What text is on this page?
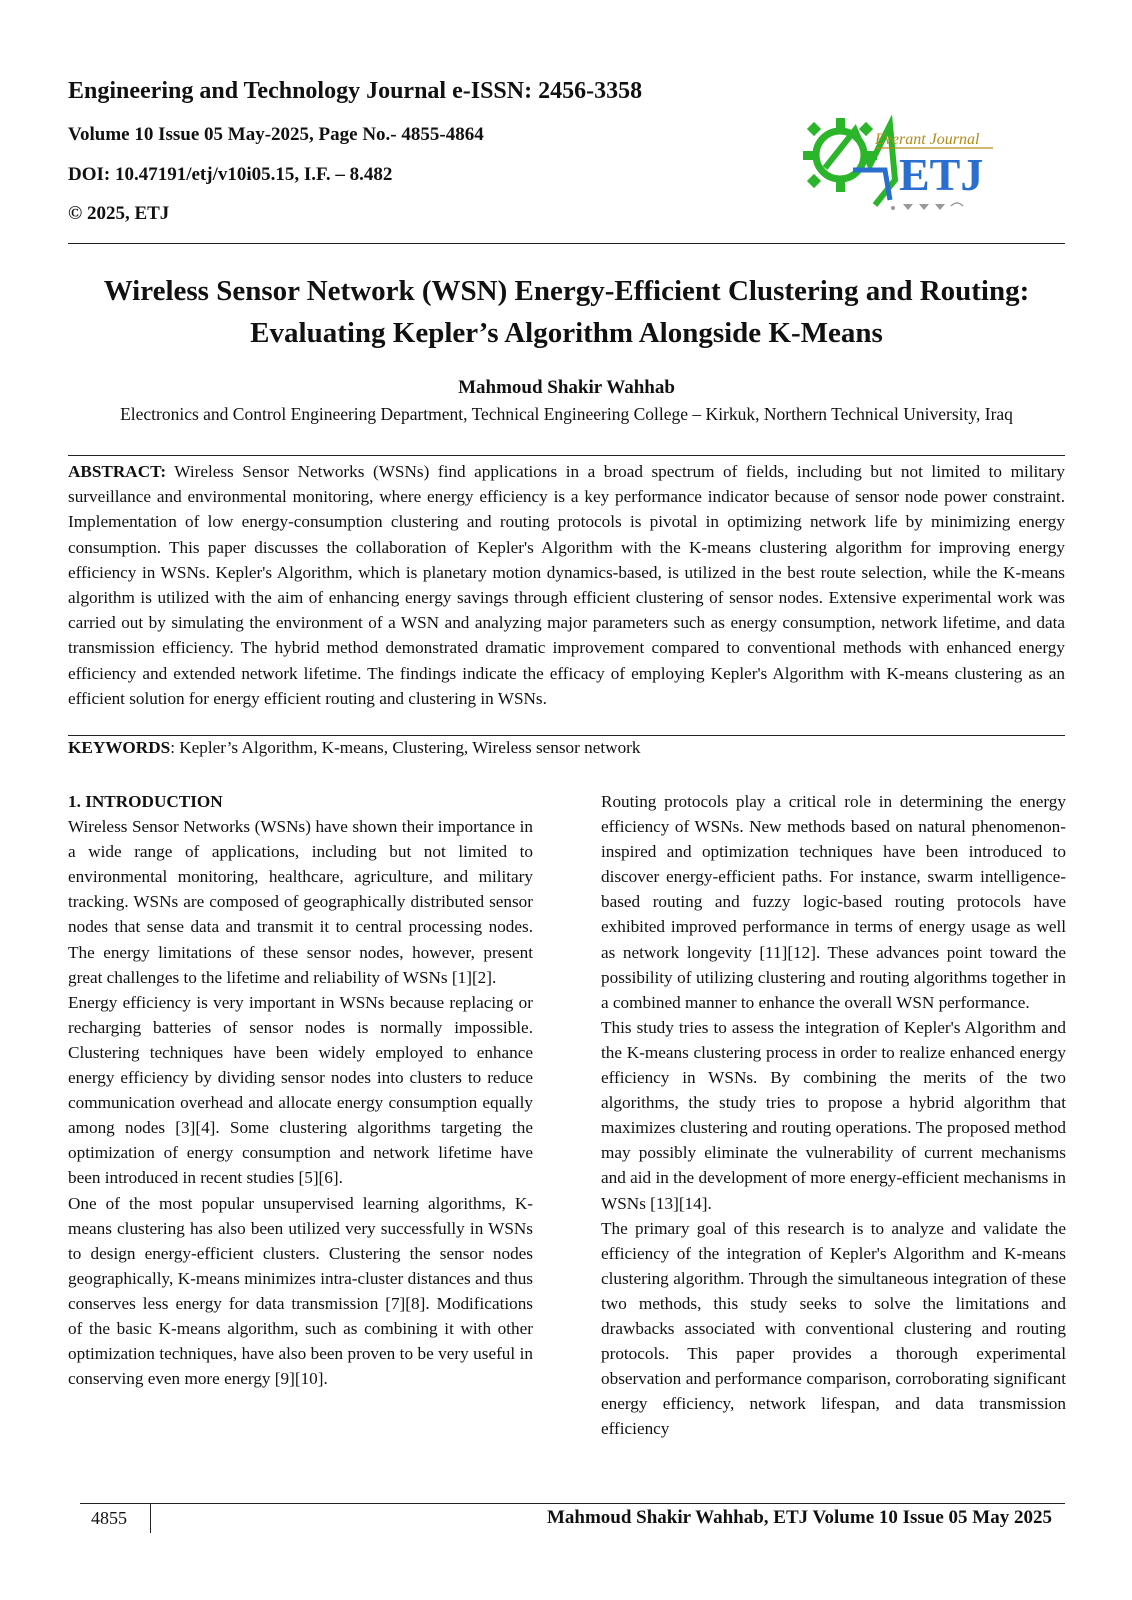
Engineering and Technology Journal e-ISSN: 2456-3358
Volume 10 Issue 05 May-2025, Page No.- 4855-4864
DOI: 10.47191/etj/v10i05.15, I.F. – 8.482
© 2025, ETJ
Everant Journal
ETJ
Wireless Sensor Network (WSN) Energy-Efficient Clustering and Routing:
Evaluating Kepler’s Algorithm Alongside K-Means
Mahmoud Shakir Wahhab
Electronics and Control Engineering Department, Technical Engineering College – Kirkuk, Northern Technical University, Iraq
ABSTRACT: Wireless Sensor Networks (WSNs) find applications in a broad spectrum of fields, including but not limited to military surveillance and environmental monitoring, where energy efficiency is a key performance indicator because of sensor node power constraint. Implementation of low energy-consumption clustering and routing protocols is pivotal in optimizing network life by minimizing energy consumption. This paper discusses the collaboration of Kepler's Algorithm with the K-means clustering algorithm for improving energy efficiency in WSNs. Kepler's Algorithm, which is planetary motion dynamics-based, is utilized in the best route selection, while the K-means algorithm is utilized with the aim of enhancing energy savings through efficient clustering of sensor nodes. Extensive experimental work was carried out by simulating the environment of a WSN and analyzing major parameters such as energy consumption, network lifetime, and data transmission efficiency. The hybrid method demonstrated dramatic improvement compared to conventional methods with enhanced energy efficiency and extended network lifetime. The findings indicate the efficacy of employing Kepler's Algorithm with K-means clustering as an efficient solution for energy efficient routing and clustering in WSNs.
KEYWORDS: Kepler’s Algorithm, K-means, Clustering, Wireless sensor network

1. INTRODUCTION

Wireless Sensor Networks (WSNs) have shown their importance in a wide range of applications, including but not limited to environmental monitoring, healthcare, agriculture, and military tracking. WSNs are composed of geographically distributed sensor nodes that sense data and transmit it to central processing nodes. The energy limitations of these sensor nodes, however, present great challenges to the lifetime and reliability of WSNs [1][2].

Energy efficiency is very important in WSNs because replacing or recharging batteries of sensor nodes is normally impossible. Clustering techniques have been widely employed to enhance energy efficiency by dividing sensor nodes into clusters to reduce communication overhead and allocate energy consumption equally among nodes [3][4]. Some clustering algorithms targeting the optimization of energy consumption and network lifetime have been introduced in recent studies [5][6].

One of the most popular unsupervised learning algorithms, K-means clustering has also been utilized very successfully in WSNs to design energy-efficient clusters. Clustering the sensor nodes geographically, K-means minimizes intra-cluster distances and thus conserves less energy for data transmission [7][8]. Modifications of the basic K-means algorithm, such as combining it with other optimization techniques, have also been proven to be very useful in conserving even more energy [9][10].

Routing protocols play a critical role in determining the energy efficiency of WSNs. New methods based on natural phenomenon-inspired and optimization techniques have been introduced to discover energy-efficient paths. For instance, swarm intelligence-based routing and fuzzy logic-based routing protocols have exhibited improved performance in terms of energy usage as well as network longevity [11][12]. These advances point toward the possibility of utilizing clustering and routing algorithms together in a combined manner to enhance the overall WSN performance.

This study tries to assess the integration of Kepler's Algorithm and the K-means clustering process in order to realize enhanced energy efficiency in WSNs. By combining the merits of the two algorithms, the study tries to propose a hybrid algorithm that maximizes clustering and routing operations. The proposed method may possibly eliminate the vulnerability of current mechanisms and aid in the development of more energy-efficient mechanisms in WSNs [13][14].

The primary goal of this research is to analyze and validate the efficiency of the integration of Kepler's Algorithm and K-means clustering algorithm. Through the simultaneous integration of these two methods, this study seeks to solve the limitations and drawbacks associated with conventional clustering and routing protocols. This paper provides a thorough experimental observation and performance comparison, corroborating significant energy efficiency, network lifespan, and data transmission efficiency

4855	Mahmoud Shakir Wahhab, ETJ Volume 10 Issue 05 May 2025
